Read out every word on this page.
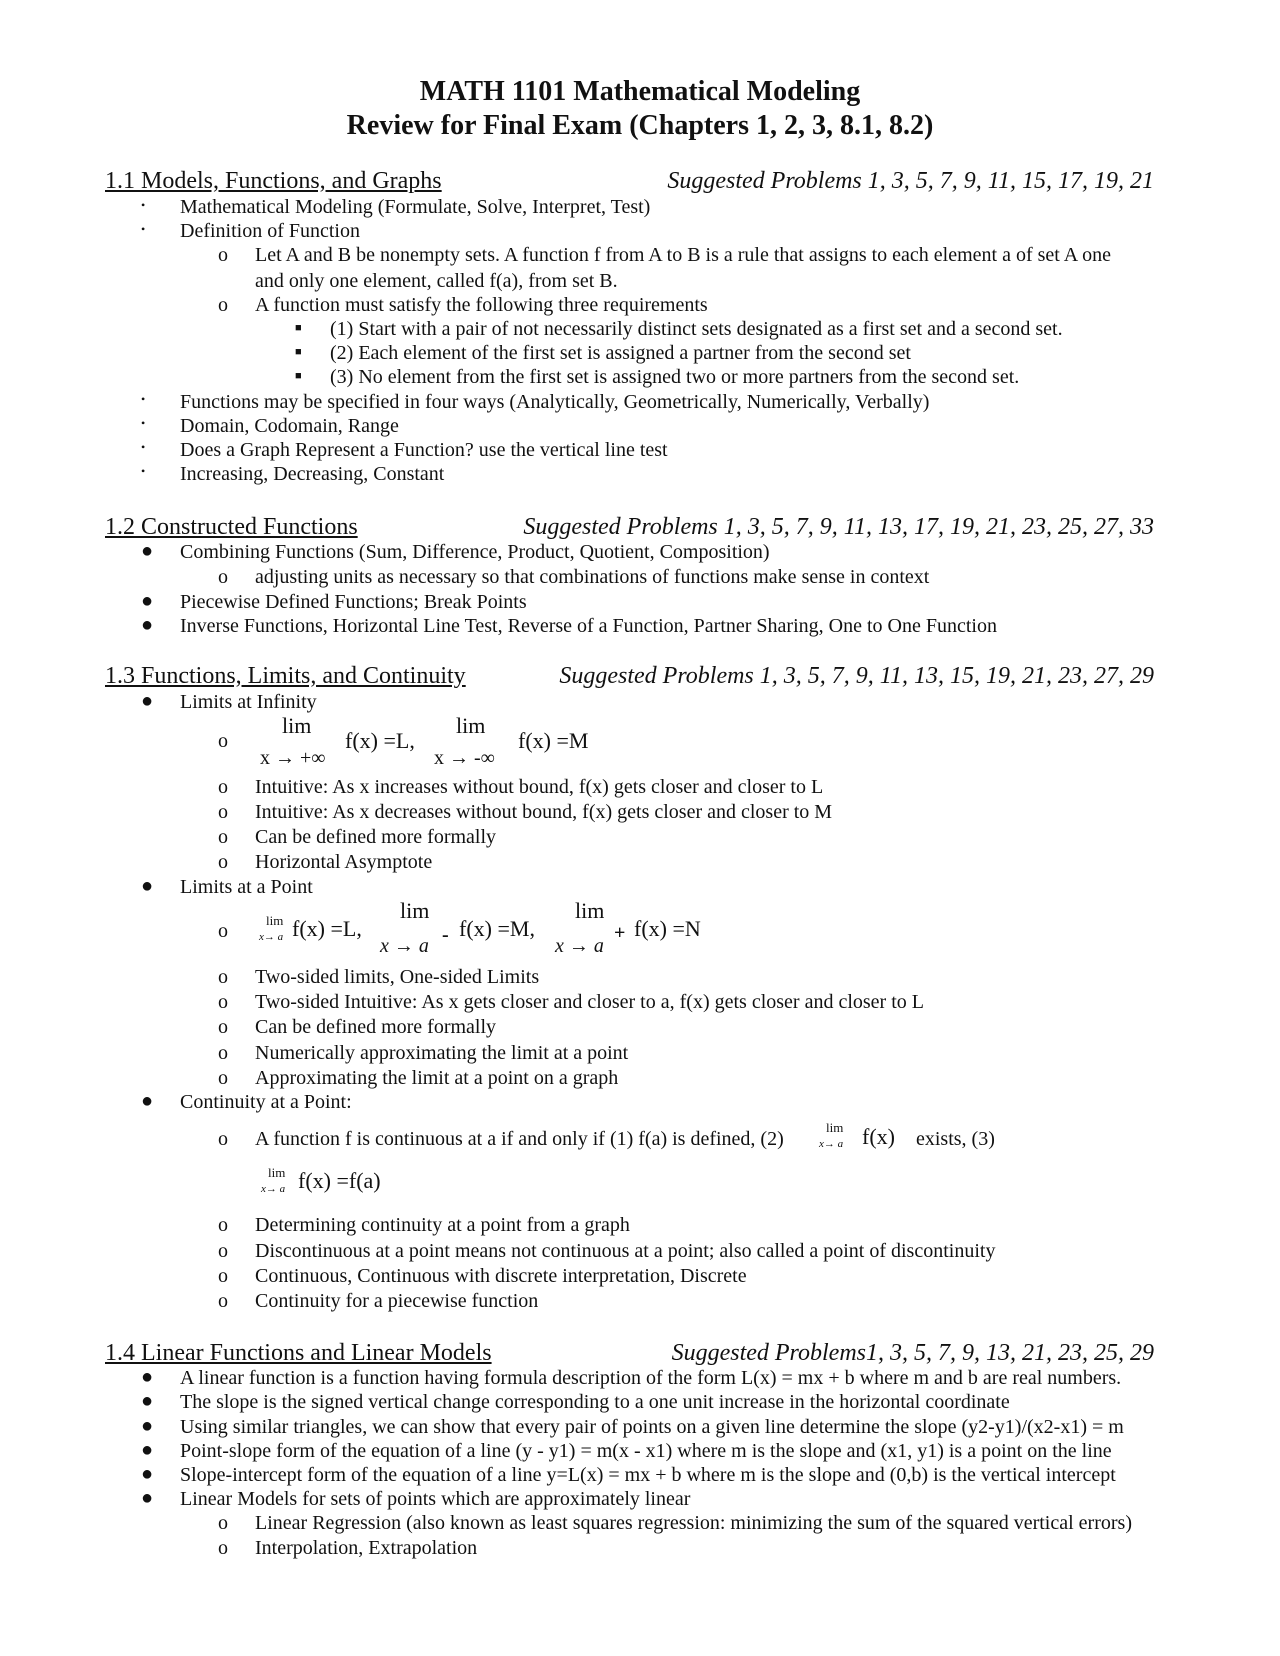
MATH 1101 Mathematical Modeling
Review for Final Exam (Chapters 1, 2, 3, 8.1, 8.2)
1.1 Models, Functions, and Graphs	Suggested Problems 1, 3, 5, 7, 9, 11, 15, 17, 19, 21
• Mathematical Modeling (Formulate, Solve, Interpret, Test)
• Definition of Function
o Let A and B be nonempty sets. A function f from A to B is a rule that assigns to each element a of set A one
and only one element, called f(a), from set B.
o A function must satisfy the following three requirements
■ (1) Start with a pair of not necessarily distinct sets designated as a first set and a second set.
■ (2) Each element of the first set is assigned a partner from the second set
■ (3) No element from the first set is assigned two or more partners from the second set.
• Functions may be specified in four ways (Analytically, Geometrically, Numerically, Verbally)
• Domain, Codomain, Range
• Does a Graph Represent a Function? use the vertical line test
• Increasing, Decreasing, Constant
1.2 Constructed Functions	Suggested Problems 1, 3, 5, 7, 9, 11, 13, 17, 19, 21, 23, 25, 27, 33
● Combining Functions (Sum, Difference, Product, Quotient, Composition)
o adjusting units as necessary so that combinations of functions make sense in context
● Piecewise Defined Functions; Break Points
● Inverse Functions, Horizontal Line Test, Reverse of a Function, Partner Sharing, One to One Function
1.3 Functions, Limits, and Continuity	Suggested Problems 1, 3, 5, 7, 9, 11, 13, 15, 19, 21, 23, 27, 29
● Limits at Infinity
o
lim
x → +∞
f(x) =L,
lim
x → -∞
f(x) =M
o Intuitive: As x increases without bound, f(x) gets closer and closer to L
o Intuitive: As x decreases without bound, f(x) gets closer and closer to M
o Can be defined more formally
o Horizontal Asymptote
● Limits at a Point
o	lim
x→ a f(x) =L,
lim
x → a - f(x) =M,
lim
x → a
+ f(x) =N
o Two-sided limits, One-sided Limits
o Two-sided Intuitive: As x gets closer and closer to a, f(x) gets closer and closer to L
o Can be defined more formally
o Numerically approximating the limit at a point
o Approximating the limit at a point on a graph
● Continuity at a Point:
o A function f is continuous at a if and only if (1) f(a) is defined, (2)
lim
x→ a f(x) exists, (3)
lim
x→ a f(x) =f(a)
o Determining continuity at a point from a graph
o Discontinuous at a point means not continuous at a point; also called a point of discontinuity
o Continuous, Continuous with discrete interpretation, Discrete
o Continuity for a piecewise function
1.4 Linear Functions and Linear Models	Suggested Problems1, 3, 5, 7, 9, 13, 21, 23, 25, 29
● A linear function is a function having formula description of the form L(x) = mx + b where m and b are real numbers.
● The slope is the signed vertical change corresponding to a one unit increase in the horizontal coordinate
● Using similar triangles, we can show that every pair of points on a given line determine the slope (y2-y1)/(x2-x1) = m
● Point-slope form of the equation of a line (y - y1) = m(x - x1) where m is the slope and (x1, y1) is a point on the line
● Slope-intercept form of the equation of a line y=L(x) = mx + b where m is the slope and (0,b) is the vertical intercept
● Linear Models for sets of points which are approximately linear
o Linear Regression (also known as least squares regression: minimizing the sum of the squared vertical errors)
o Interpolation, Extrapolation
